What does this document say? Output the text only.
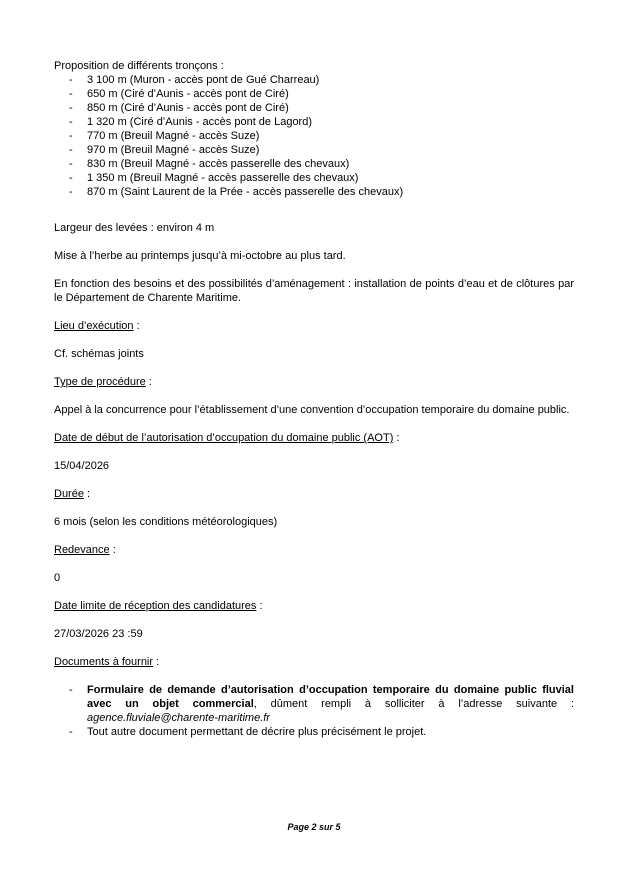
Proposition de différents tronçons :

- 3 100 m (Muron - accès pont de Gué Charreau)
- 650 m (Ciré d’Aunis - accès pont de Ciré)
- 850 m (Ciré d’Aunis - accès pont de Ciré)
- 1 320 m (Ciré d’Aunis - accès pont de Lagord)
- 770 m (Breuil Magné - accès Suze)
- 970 m (Breuil Magné - accès Suze)
- 830 m (Breuil Magné - accès passerelle des chevaux)
- 1 350 m (Breuil Magné - accès passerelle des chevaux)
- 870 m (Saint Laurent de la Prée - accès passerelle des chevaux)

Largeur des levées : environ 4 m

Mise à l’herbe au printemps jusqu’à mi-octobre au plus tard.

En fonction des besoins et des possibilités d’aménagement : installation de points d’eau et de clôtures par le Département de Charente Maritime.

Lieu d’exécution :

Cf. schémas joints

Type de procédure :

Appel à la concurrence pour l’établissement d’une convention d’occupation temporaire du domaine public.

Date de début de l’autorisation d’occupation du domaine public (AOT) :

15/04/2026

Durée :

6 mois (selon les conditions météorologiques)

Redevance :

0

Date limite de réception des candidatures :

27/03/2026 23 :59

Documents à fournir :

- Formulaire de demande d’autorisation d’occupation temporaire du domaine public fluvial avec un objet commercial, dûment rempli à solliciter à l’adresse suivante : agence.fluviale@charente-maritime.fr
- Tout autre document permettant de décrire plus précisément le projet.
Page 2 sur 5
